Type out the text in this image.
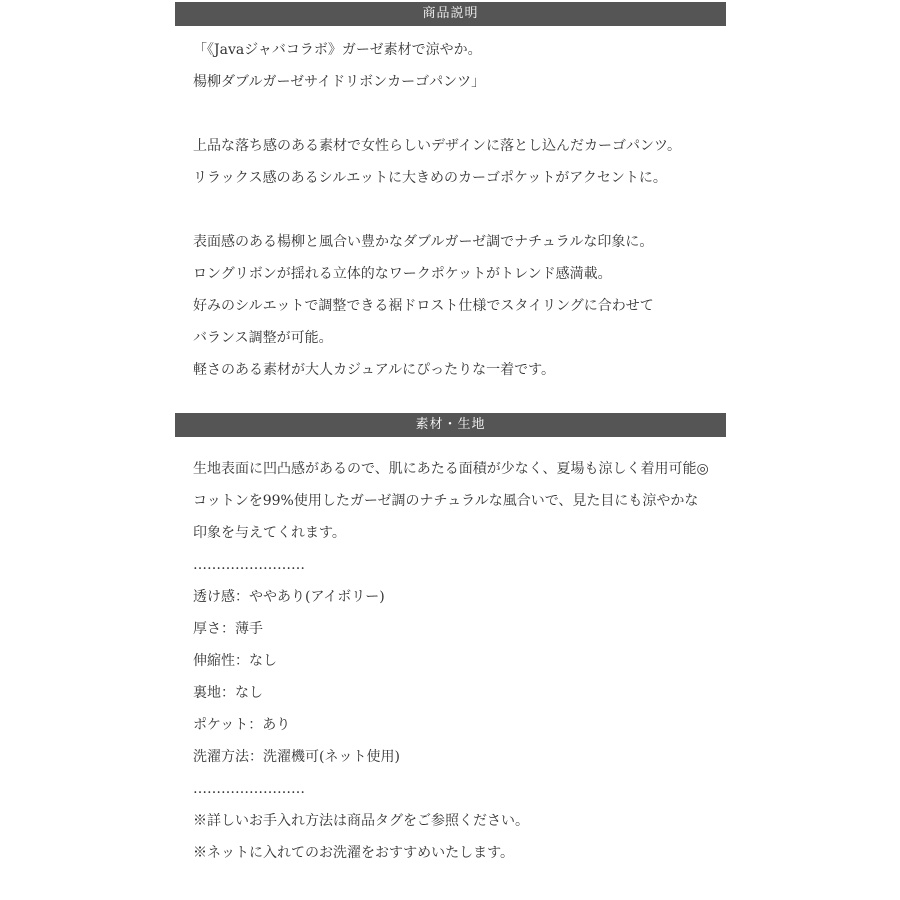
商品説明
「《Javaジャバコラボ》ガーゼ素材で涼やか。
楊柳ダブルガーゼサイドリボンカーゴパンツ」
上品な落ち感のある素材で女性らしいデザインに落とし込んだカーゴパンツ。
リラックス感のあるシルエットに大きめのカーゴポケットがアクセントに。
表面感のある楊柳と風合い豊かなダブルガーゼ調でナチュラルな印象に。
ロングリボンが揺れる立体的なワークポケットがトレンド感満載。
好みのシルエットで調整できる裾ドロスト仕様でスタイリングに合わせて
バランス調整が可能。
軽さのある素材が大人カジュアルにぴったりな一着です。
素材・生地
生地表面に凹凸感があるので、肌にあたる面積が少なく、夏場も涼しく着用可能◎
コットンを99%使用したガーゼ調のナチュラルな風合いで、見た目にも涼やかな
印象を与えてくれます。
……………………
透け感：ややあり(アイボリー)
厚さ：薄手
伸縮性：なし
裏地：なし
ポケット：あり
洗濯方法：洗濯機可(ネット使用)
……………………
※詳しいお手入れ方法は商品タグをご参照ください。
※ネットに入れてのお洗濯をおすすめいたします。
